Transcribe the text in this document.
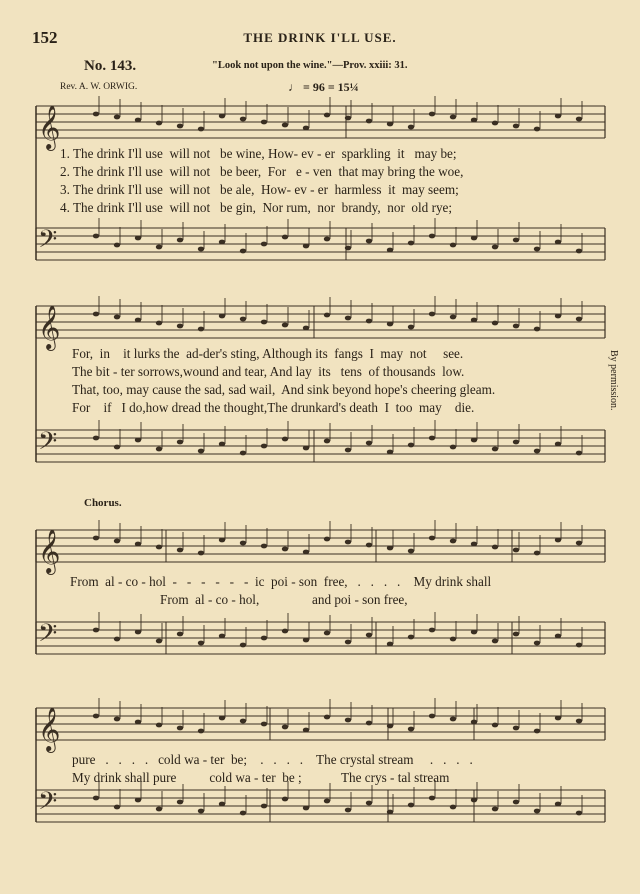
152	THE DRINK I'LL USE.
No. 143.	"Look not upon the wine."—Prov. xxiii: 31.
Rev. A. W. ORWIG.	♩ = 96 = 15¼
By permission.
Chorus.
𝄞
𝄢
𝄞
𝄢
𝄞
𝄢
𝄞
𝄢
1. The drink I'll use  will not   be wine, How- ev - er  sparkling  it   may be;
2. The drink I'll use  will not   be beer,  For   e - ven  that may bring the woe,
3. The drink I'll use  will not   be ale,  How- ev - er  harmless  it  may seem;
4. The drink I'll use  will not   be gin,  Nor rum,  nor  brandy,  nor  old rye;
For,  in    it lurks the  ad-der's sting, Although its  fangs  I  may  not     see.
The bit - ter sorrows,wound and tear, And lay  its   tens  of thousands  low.
That, too, may cause the sad, sad wail,  And sink beyond hope's cheering gleam.
For    if   I do,how dread the thought,The drunkard's death  I  too  may    die.
From  al - co - hol  -   -   -   -   -   -  ic  poi - son  free,   .   .   .   .    My drink shall
From  al - co - hol,                and poi - son free,
pure   .   .   .   .   cold wa - ter  be;    .   .   .   .    The crystal stream     .   .   .   .
My drink shall pure          cold wa - ter  be ;            The crys - tal stream
